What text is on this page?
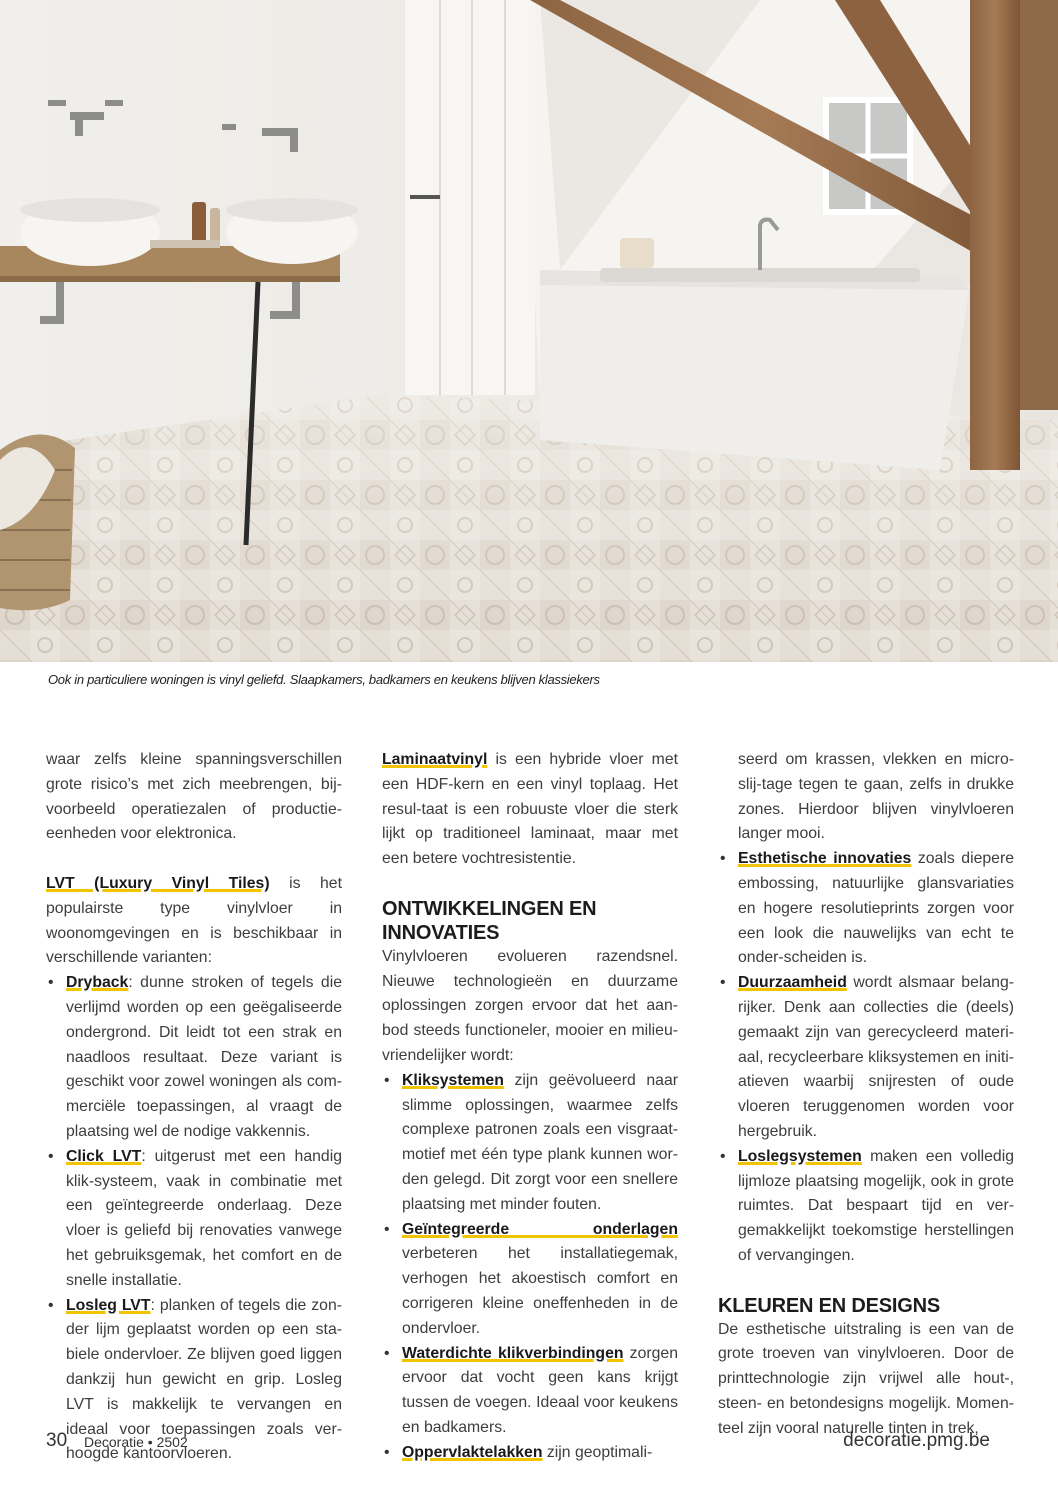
Ook in particuliere woningen is vinyl geliefd. Slaapkamers, badkamers en keukens blijven klassiekers

waar zelfs kleine spanningsverschillen grote risico’s met zich meebrengen, bij-voorbeeld operatiezalen of productie-eenheden voor elektronica.

LVT (Luxury Vinyl Tiles) is het populairste type vinylvloer in woonomgevingen en is beschikbaar in verschillende varianten:

• Dryback: dunne stroken of tegels die verlijmd worden op een geëgaliseerde ondergrond. Dit leidt tot een strak en naadloos resultaat. Deze variant is geschikt voor zowel woningen als com-merciële toepassingen, al vraagt de plaatsing wel de nodige vakkennis.
• Click LVT: uitgerust met een handig klik-systeem, vaak in combinatie met een geïntegreerde onderlaag. Deze vloer is geliefd bij renovaties vanwege het gebruiksgemak, het comfort en de snelle installatie.
• Losleg LVT: planken of tegels die zon-der lijm geplaatst worden op een sta-biele ondervloer. Ze blijven goed liggen dankzij hun gewicht en grip. Losleg LVT is makkelijk te vervangen en ideaal voor toepassingen zoals ver-hoogde kantoorvloeren.

Laminaatvinyl is een hybride vloer met een HDF-kern en een vinyl toplaag. Het resul-taat is een robuuste vloer die sterk lijkt op traditioneel laminaat, maar met een betere vochtresistentie.

ONTWIKKELINGEN EN INNOVATIES

Vinylvloeren evolueren razendsnel. Nieuwe technologieën en duurzame oplossingen zorgen ervoor dat het aan-bod steeds functioneler, mooier en milieu-vriendelijker wordt:

• Kliksystemen zijn geëvolueerd naar slimme oplossingen, waarmee zelfs complexe patronen zoals een visgraat-motief met één type plank kunnen wor-den gelegd. Dit zorgt voor een snellere plaatsing met minder fouten.
• Geïntegreerde onderlagen verbeteren het installatiegemak, verhogen het akoestisch comfort en corrigeren kleine oneffenheden in de ondervloer.
• Waterdichte klikverbindingen zorgen ervoor dat vocht geen kans krijgt tussen de voegen. Ideaal voor keukens en badkamers.
• Oppervlaktelakken zijn geoptimali-
seerd om krassen, vlekken en micro-slij-tage tegen te gaan, zelfs in drukke zones. Hierdoor blijven vinylvloeren langer mooi.
• Esthetische innovaties zoals diepere embossing, natuurlijke glansvariaties en hogere resolutieprints zorgen voor een look die nauwelijks van echt te onder-scheiden is.
• Duurzaamheid wordt alsmaar belang-rijker. Denk aan collecties die (deels) gemaakt zijn van gerecycleerd materi-aal, recycleerbare kliksystemen en initi-atieven waarbij snijresten of oude vloeren teruggenomen worden voor hergebruik.
• Loslegsystemen maken een volledig lijmloze plaatsing mogelijk, ook in grote ruimtes. Dat bespaart tijd en ver-gemakkelijkt toekomstige herstellingen of vervangingen.
KLEUREN EN DESIGNS

De esthetische uitstraling is een van de grote troeven van vinylvloeren. Door de printtechnologie zijn vrijwel alle hout-, steen- en betondesigns mogelijk. Momen-teel zijn vooral naturelle tinten in trek,

30 Decoratie • 2502	decoratie.pmg.be
